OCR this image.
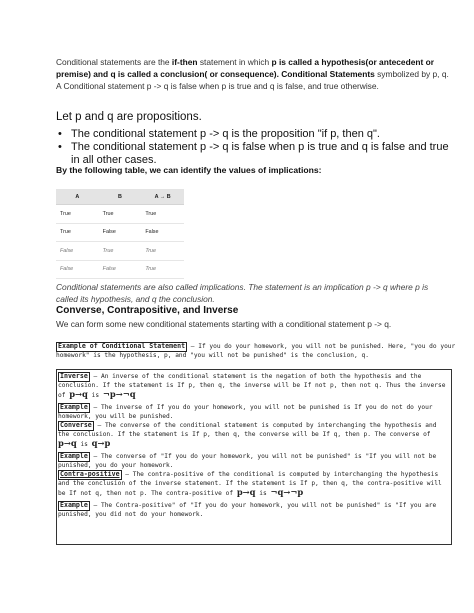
Conditional statements are the if-then statement in which p is called a hypothesis(or antecedent or premise) and q is called a conclusion( or consequence). Conditional Statements symbolized by p, q. A Conditional statement p -> q is false when p is true and q is false, and true otherwise.

Let p and q are propositions.
• The conditional statement p -> q is the proposition "if p, then q".
• The conditional statement p -> q is false when p is true and q is false and true in all other cases.
By the following table, we can identify the values of implications:
A	B	A → B
True	True	True
True	False	False
False	True	True
False	False	True

Conditional statements are also called implications. The statement is an implication p -> q where p is called its hypothesis, and q the conclusion.

Converse, Contrapositive, and Inverse

We can form some new conditional statements starting with a conditional statement p -> q.

Example of Conditional Statement – If you do your homework, you will not be punished. Here, "you do your homework" is the hypothesis, p, and "you will not be punished" is the conclusion, q.
Inverse – An inverse of the conditional statement is the negation of both the hypothesis and the conclusion. If the statement is If p, then q, the inverse will be If not p, then not q. Thus the inverse of p→q is ¬p→¬q
Example – The inverse of If you do your homework, you will not be punished is If you do not do your homework, you will be punished.
Converse – The converse of the conditional statement is computed by interchanging the hypothesis and the conclusion. If the statement is If p, then q, the converse will be If q, then p. The converse of p→q is q→p
Example – The converse of "If you do your homework, you will not be punished" is "If you will not be punished, you do your homework.
Contra-positive – The contra-positive of the conditional is computed by interchanging the hypothesis and the conclusion of the inverse statement. If the statement is If p, then q, the contra-positive will be If not q, then not p. The contra-positive of p→q is ¬q→¬p
Example – The Contra-positive" of "If you do your homework, you will not be punished" is "If you are punished, you did not do your homework.
